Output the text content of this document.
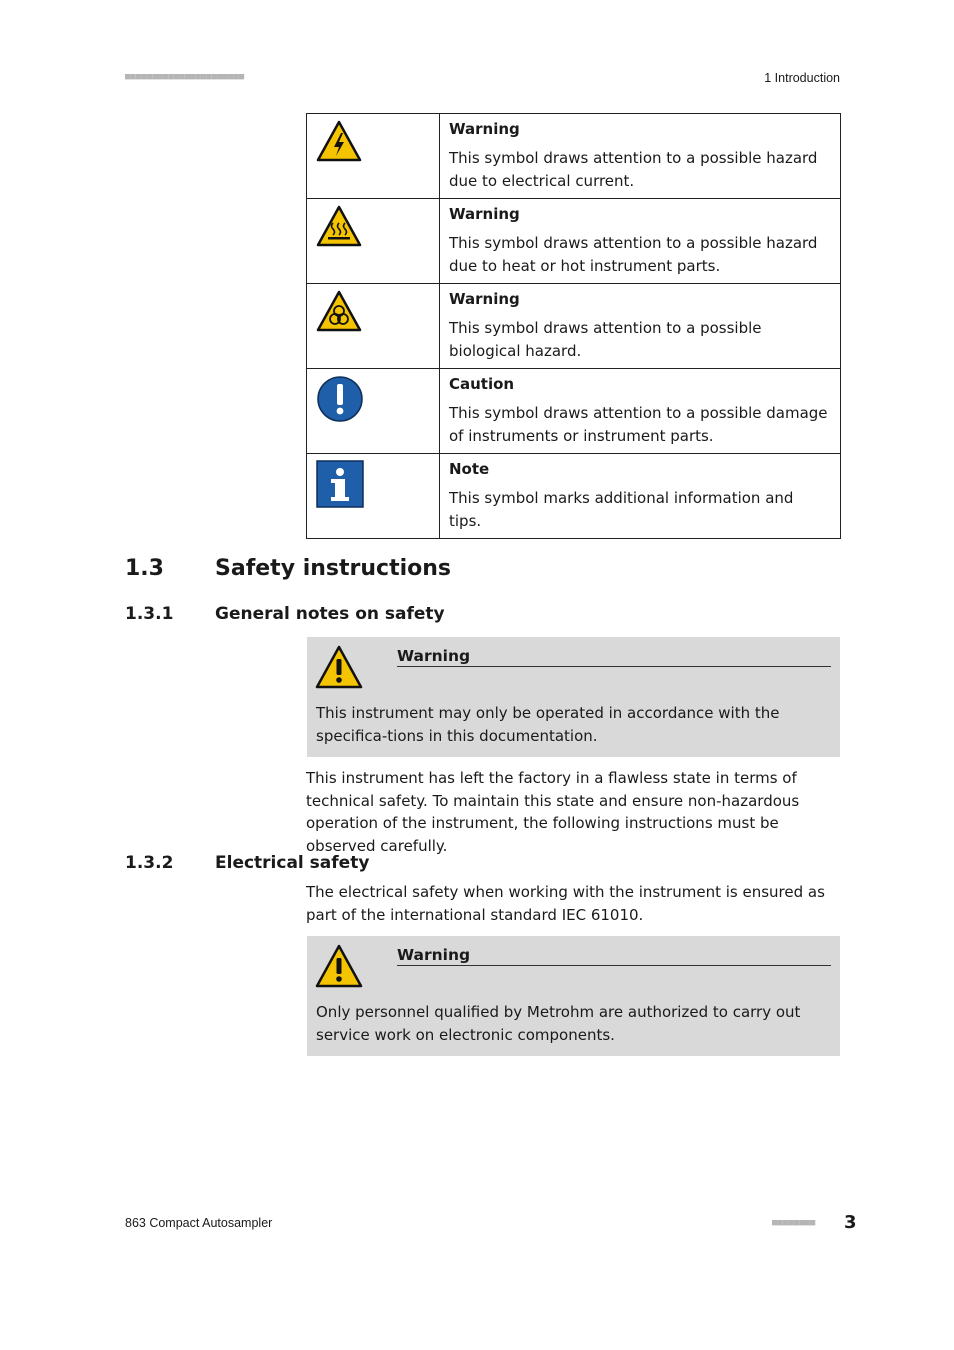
■■■■■■■■■■■■■■■■■■■■■■	1 Introduction

Warning
This symbol draws attention to a possible hazard due to electrical current.

Warning
This symbol draws attention to a possible hazard due to heat or hot instrument parts.

Warning
This symbol draws attention to a possible biological hazard.

Caution
This symbol draws attention to a possible damage of instruments or instrument parts.

Note
This symbol marks additional information and tips.
1.3 Safety instructions
1.3.1 General notes on safety
Warning
This instrument may only be operated in accordance with the specifica-tions in this documentation.
This instrument has left the factory in a flawless state in terms of technical safety. To maintain this state and ensure non-hazardous operation of the instrument, the following instructions must be observed carefully.
1.3.2 Electrical safety
The electrical safety when working with the instrument is ensured as part of the international standard IEC 61010.
Warning
Only personnel qualified by Metrohm are authorized to carry out service work on electronic components.
863 Compact Autosampler	■■■■■■■■ 3
